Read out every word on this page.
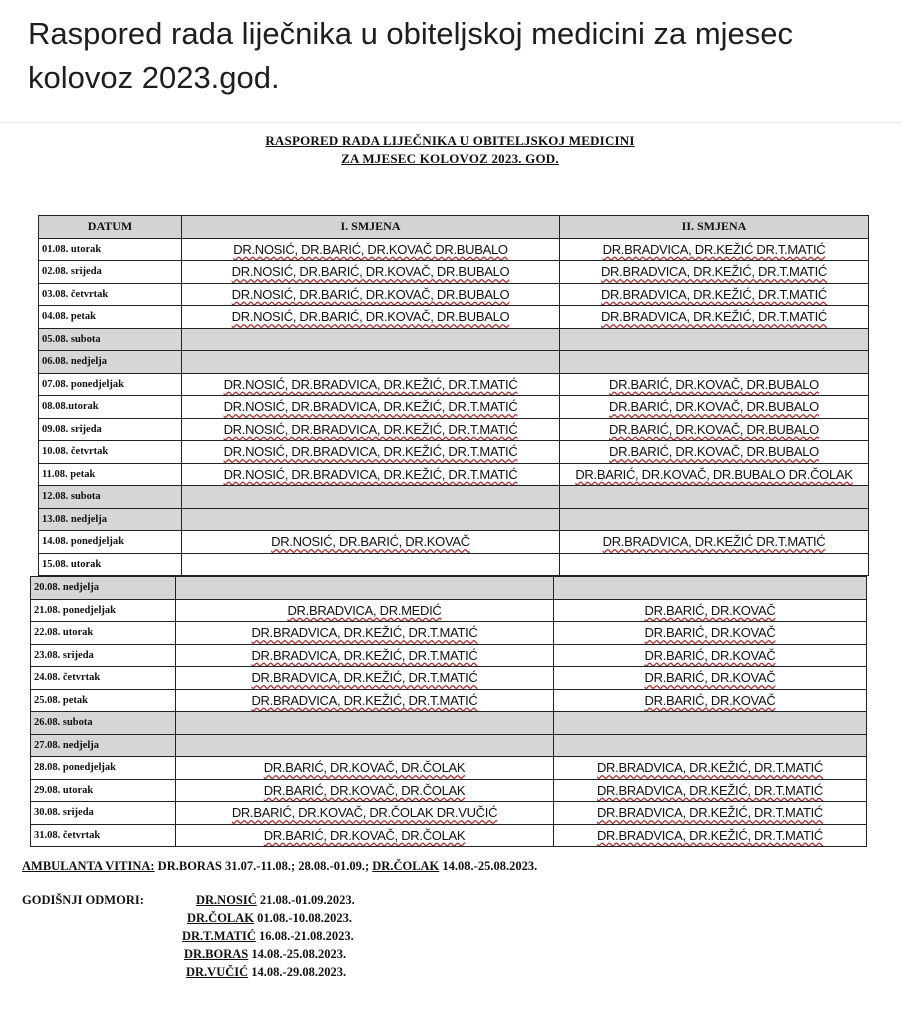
Raspored rada liječnika u obiteljskoj medicini za mjesec kolovoz 2023.god.
RASPORED RADA LIJEČNIKA U OBITELJSKOJ MEDICINI
ZA MJESEC KOLOVOZ 2023. GOD.
DATUM	I. SMJENA	II. SMJENA
01.08. utorak	DR.NOSIĆ, DR.BARIĆ, DR.KOVAČ DR.BUBALO	DR.BRADVICA, DR.KEŽIĆ DR.T.MATIĆ
02.08. srijeda	DR.NOSIĆ, DR.BARIĆ, DR.KOVAČ, DR.BUBALO	DR.BRADVICA, DR.KEŽIĆ, DR.T.MATIĆ
03.08. četvrtak	DR.NOSIĆ, DR.BARIĆ, DR.KOVAČ, DR.BUBALO	DR.BRADVICA, DR.KEŽIĆ, DR.T.MATIĆ
04.08. petak	DR.NOSIĆ, DR.BARIĆ, DR.KOVAČ, DR.BUBALO	DR.BRADVICA, DR.KEŽIĆ, DR.T.MATIĆ
05.08. subota		
06.08. nedjelja		
07.08. ponedjeljak	DR.NOSIĆ, DR.BRADVICA, DR.KEŽIĆ, DR.T.MATIĆ	DR.BARIĆ, DR.KOVAČ, DR.BUBALO
08.08.utorak	DR.NOSIĆ, DR.BRADVICA, DR.KEŽIĆ, DR.T.MATIĆ	DR.BARIĆ, DR.KOVAČ, DR.BUBALO
09.08. srijeda	DR.NOSIĆ, DR.BRADVICA, DR.KEŽIĆ, DR.T.MATIĆ	DR.BARIĆ, DR.KOVAČ, DR.BUBALO
10.08. četvrtak	DR.NOSIĆ, DR.BRADVICA, DR.KEŽIĆ, DR.T.MATIĆ	DR.BARIĆ, DR.KOVAČ, DR.BUBALO
11.08. petak	DR.NOSIĆ, DR.BRADVICA, DR.KEŽIĆ, DR.T.MATIĆ	DR.BARIĆ, DR.KOVAČ, DR.BUBALO DR.ČOLAK
12.08. subota		
13.08. nedjelja		
14.08. ponedjeljak	DR.NOSIĆ, DR.BARIĆ, DR.KOVAČ	DR.BRADVICA, DR.KEŽIĆ DR.T.MATIĆ
15.08. utorak		
20.08. nedjelja		
21.08. ponedjeljak	DR.BRADVICA, DR.MEDIĆ	DR.BARIĆ, DR.KOVAČ
22.08. utorak	DR.BRADVICA, DR.KEŽIĆ, DR.T.MATIĆ	DR.BARIĆ, DR.KOVAČ
23.08. srijeda	DR.BRADVICA, DR.KEŽIĆ, DR.T.MATIĆ	DR.BARIĆ, DR.KOVAČ
24.08. četvrtak	DR.BRADVICA, DR.KEŽIĆ, DR.T.MATIĆ	DR.BARIĆ, DR.KOVAČ
25.08. petak	DR.BRADVICA, DR.KEŽIĆ, DR.T.MATIĆ	DR.BARIĆ, DR.KOVAČ
26.08. subota		
27.08. nedjelja		
28.08. ponedjeljak	DR.BARIĆ, DR.KOVAČ, DR.ČOLAK	DR.BRADVICA, DR.KEŽIĆ, DR.T.MATIĆ
29.08. utorak	DR.BARIĆ, DR.KOVAČ, DR.ČOLAK	DR.BRADVICA, DR.KEŽIĆ, DR.T.MATIĆ
30.08. srijeda	DR.BARIĆ, DR.KOVAČ, DR.ČOLAK DR.VUČIĆ	DR.BRADVICA, DR.KEŽIĆ, DR.T.MATIĆ
31.08. četvrtak	DR.BARIĆ, DR.KOVAČ, DR.ČOLAK	DR.BRADVICA, DR.KEŽIĆ, DR.T.MATIĆ
AMBULANTA VITINA: DR.BORAS 31.07.-11.08.; 28.08.-01.09.; DR.ČOLAK 14.08.-25.08.2023.
GODIŠNJI ODMORI:	DR.NOSIĆ 21.08.-01.09.2023.
DR.ČOLAK 01.08.-10.08.2023.
DR.T.MATIĆ 16.08.-21.08.2023.
DR.BORAS 14.08.-25.08.2023.
DR.VUČIĆ 14.08.-29.08.2023.
